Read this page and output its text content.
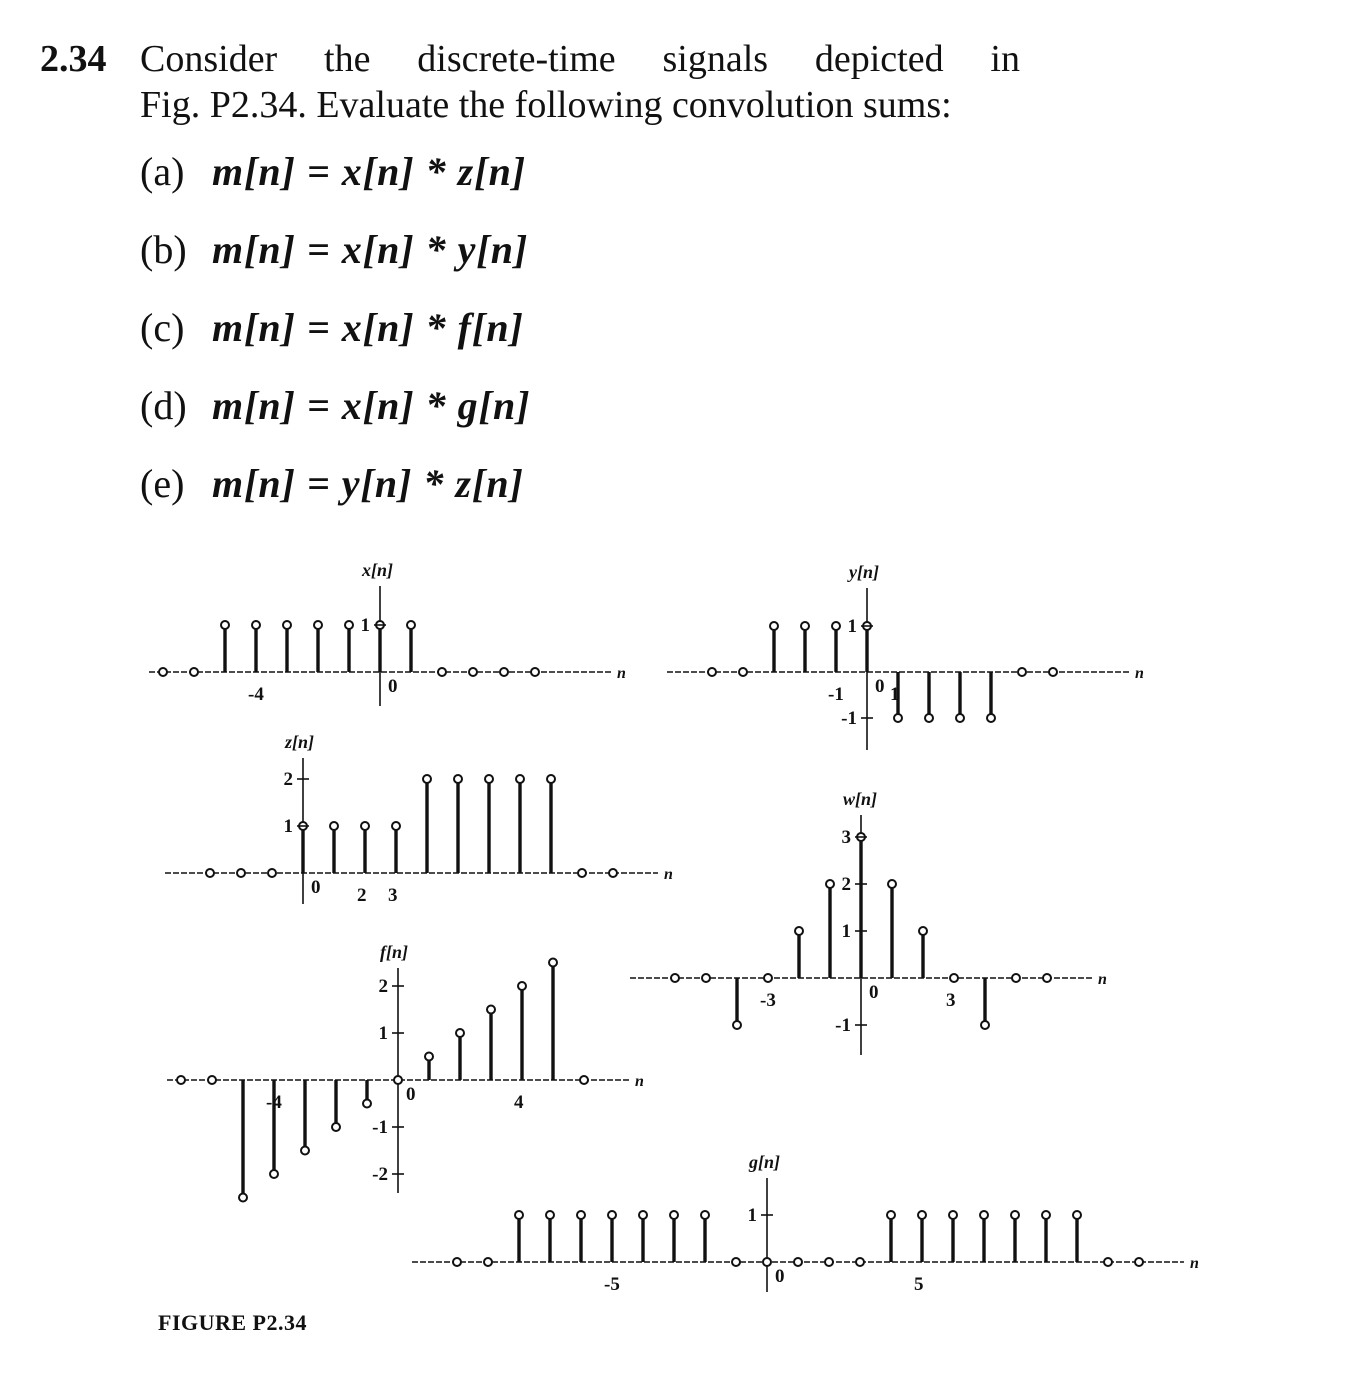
2.34 Consider the discrete-time signals depicted in
Fig. P2.34. Evaluate the following convolution sums:
(a) m[n] = x[n] * z[n]
(b) m[n] = x[n] * y[n]
(c) m[n] = x[n] * f[n]
(d) m[n] = x[n] * g[n]
(e) m[n] = y[n] * z[n]
x[n]
n
-4	0
1
y[n]
n
-1 0 1
1
-1
z[n]
n
0 2 3
1
2
w[n]
n
-3	0	3
3
2
1
-1
f[n]
n
-4	0	4
2
1
-1
-2
g[n]
n
-5	0	5
1
FIGURE P2.34
